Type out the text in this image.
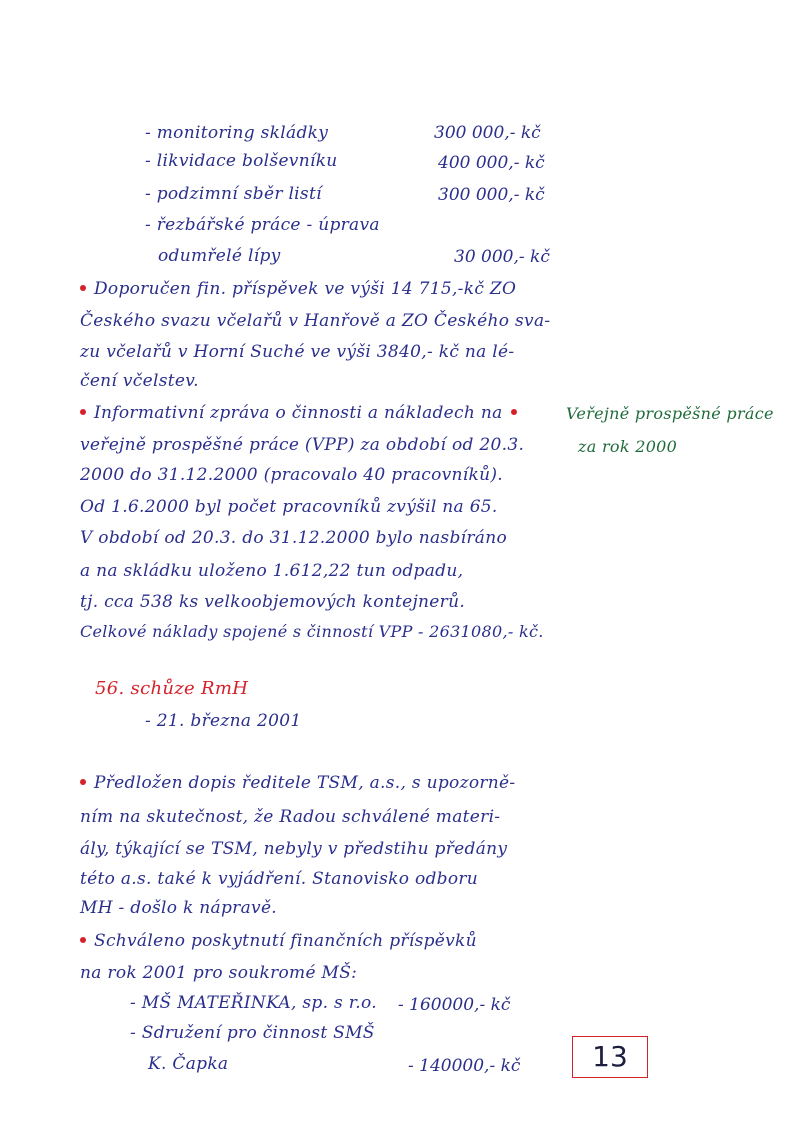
- monitoring skládky	300 000,- kč
- likvidace bolševníku	400 000,- kč
- podzimní sběr listí	300 000,- kč
- řezbářské práce - úprava
odumřelé lípy	30 000,- kč
Doporučen fin. příspěvek ve výši 14 715,-kč ZO
Českého svazu včelařů v Hanřově a ZO Českého sva-
zu včelařů v Horní Suché ve výši 3840,- kč na lé-
čení včelstev.
Informativní zpráva o činnosti a nákladech na
veřejně prospěšné práce (VPP) za období od 20.3.
2000 do 31.12.2000 (pracovalo 40 pracovníků).
Od 1.6.2000 byl počet pracovníků zvýšil na 65.
V období od 20.3. do 31.12.2000 bylo nasbíráno
a na skládku uloženo 1.612,22 tun odpadu,
tj. cca 538 ks velkoobjemových kontejnerů.
Celkové náklady spojené s činností VPP - 2631080,- kč.
Veřejně prospěšné práce
za rok 2000
56. schůze RmH
- 21. března 2001
Předložen dopis ředitele TSM, a.s., s upozorně-
ním na skutečnost, že Radou schválené materi-
ály, týkající se TSM, nebyly v předstihu předány
této a.s. také k vyjádření. Stanovisko odboru
MH - došlo k nápravě.
Schváleno poskytnutí finančních příspěvků
na rok 2001 pro soukromé MŠ:
- MŠ MATEŘINKA, sp. s r.o. - 160000,- kč
- Sdružení pro činnost SMŠ
K. Čapka	- 140000,- kč	13
